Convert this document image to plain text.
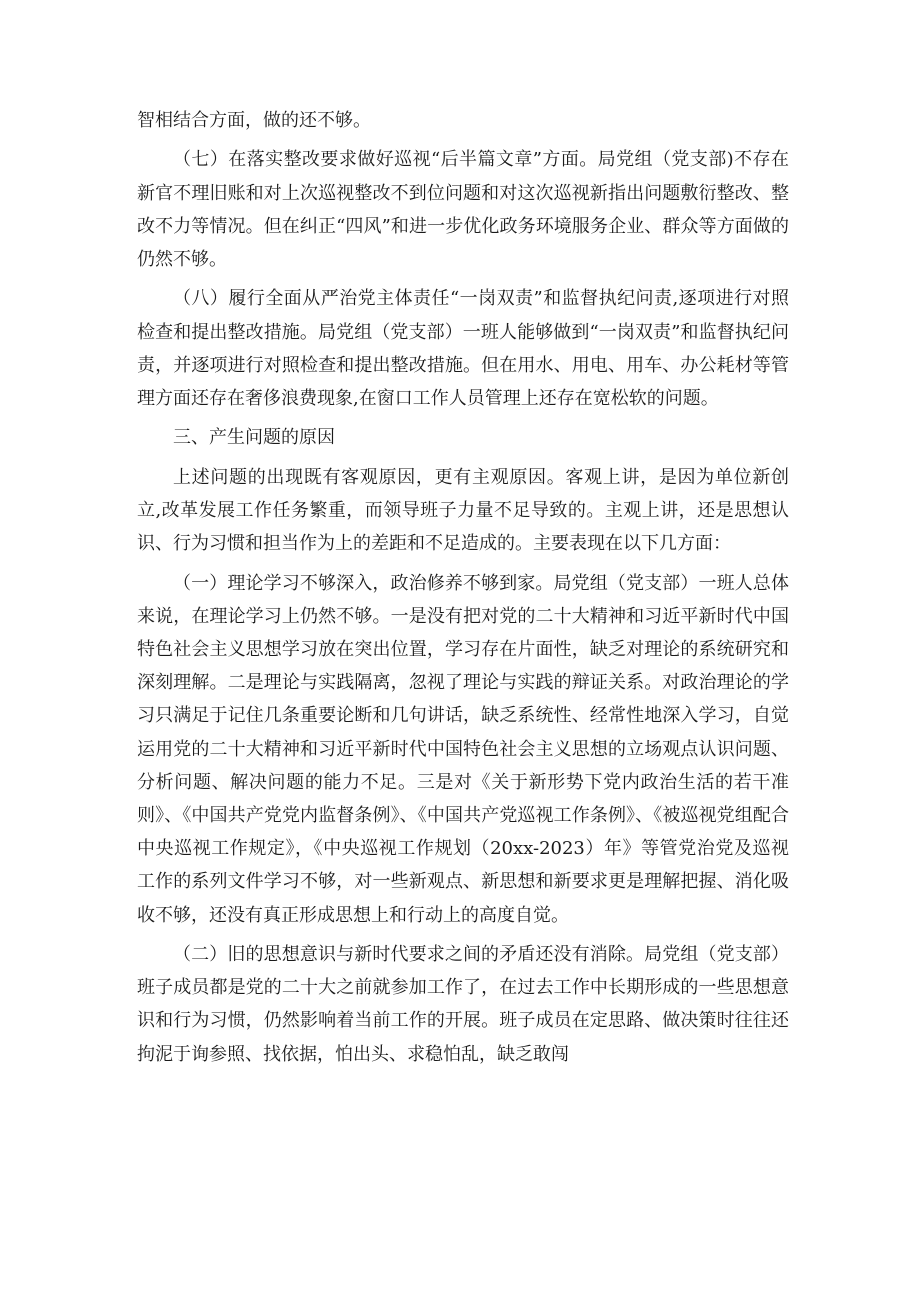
智相结合方面，做的还不够。

（七）在落实整改要求做好巡视“后半篇文章”方面。局党组（党支部)不存在新官不理旧账和对上次巡视整改不到位问题和对这次巡视新指出问题敷衍整改、整改不力等情况。但在纠正“四风”和进一步优化政务环境服务企业、群众等方面做的仍然不够。

（八）履行全面从严治党主体责任“一岗双责”和监督执纪问责,逐项进行对照检查和提出整改措施。局党组（党支部）一班人能够做到“一岗双责”和监督执纪问责，并逐项进行对照检查和提出整改措施。但在用水、用电、用车、办公耗材等管理方面还存在奢侈浪费现象,在窗口工作人员管理上还存在宽松软的问题。

三、产生问题的原因

上述问题的出现既有客观原因，更有主观原因。客观上讲，是因为单位新创立,改革发展工作任务繁重，而领导班子力量不足导致的。主观上讲，还是思想认识、行为习惯和担当作为上的差距和不足造成的。主要表现在以下几方面：

（一）理论学习不够深入，政治修养不够到家。局党组（党支部）一班人总体来说，在理论学习上仍然不够。一是没有把对党的二十大精神和习近平新时代中国特色社会主义思想学习放在突出位置，学习存在片面性，缺乏对理论的系统研究和深刻理解。二是理论与实践隔离，忽视了理论与实践的辩证关系。对政治理论的学习只满足于记住几条重要论断和几句讲话，缺乏系统性、经常性地深入学习，自觉运用党的二十大精神和习近平新时代中国特色社会主义思想的立场观点认识问题、分析问题、解决问题的能力不足。三是对《关于新形势下党内政治生活的若干准则》、《中国共产党党内监督条例》、《中国共产党巡视工作条例》、《被巡视党组配合中央巡视工作规定》，《中央巡视工作规划（20xx-2023）年》等管党治党及巡视工作的系列文件学习不够，对一些新观点、新思想和新要求更是理解把握、消化吸收不够，还没有真正形成思想上和行动上的高度自觉。

（二）旧的思想意识与新时代要求之间的矛盾还没有消除。局党组（党支部）班子成员都是党的二十大之前就参加工作了，在过去工作中长期形成的一些思想意识和行为习惯，仍然影响着当前工作的开展。班子成员在定思路、做决策时往往还拘泥于询参照、找依据，怕出头、求稳怕乱，缺乏敢闯
